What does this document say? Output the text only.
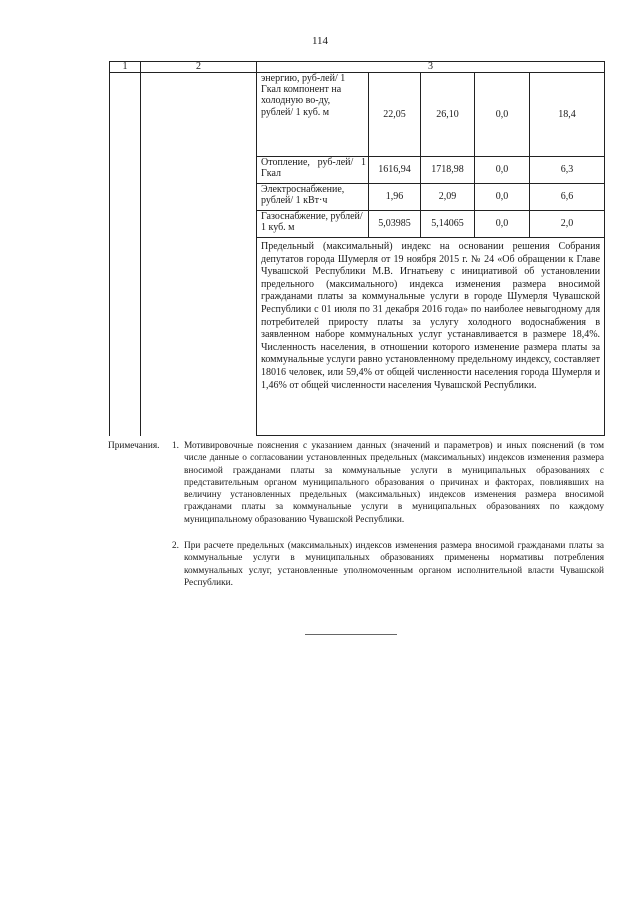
114
1	2	3				

		энергию, руб-лей/ 1 Гкал компонент на холодную во-ду, рублей/ 1 куб. м	22,05	26,10	0,0	18,4
		Отопление, руб-лей/ 1 Гкал	1616,94	1718,98	0,0	6,3
		Электроснабжение, рублей/ 1 кВт·ч	1,96	2,09	0,0	6,6
		Газоснабжение, рублей/ 1 куб. м	5,03985	5,14065	0,0	2,0
		Предельный (максимальный) индекс на основании решения Собрания депутатов города Шумерля от 19 ноября 2015 г. № 24 «Об обращении к Главе Чувашской Республики М.В. Игнатьеву с инициативой об установлении предельного (максимального) индекса изменения размера вносимой гражданами платы за коммунальные услуги в городе Шумерля Чувашской Республики с 01 июля по 31 декабря 2016 года» по наиболее невыгодному для потребителей приросту платы за услугу холодного водоснабжения в заявленном наборе коммунальных услуг устанавливается в размере 18,4%. Численность населения, в отношении которого изменение размера платы за коммунальные услуги равно установленному предельному индексу, составляет 18016 человек, или 59,4% от общей численности населения города Шумерля и 1,46% от общей численности населения Чувашской Республики.				
Примечания. 1. Мотивировочные пояснения с указанием данных (значений и параметров) и иных пояснений (в том числе данные о согласовании установленных предельных (максимальных) индексов изменения размера вносимой гражданами платы за коммунальные услуги в муниципальных образованиях с представительным органом муниципального образования о причинах и факторах, повлиявших на величину установленных предельных (максимальных) индексов изменения размера вносимой гражданами платы за коммунальные услуги в муниципальных образованиях по каждому муниципальному образованию Чувашской Республики.
2. При расчете предельных (максимальных) индексов изменения размера вносимой гражданами платы за коммунальные услуги в муниципальных образованиях применены нормативы потребления коммунальных услуг, установленные уполномоченным органом исполнительной власти Чувашской Республики.
